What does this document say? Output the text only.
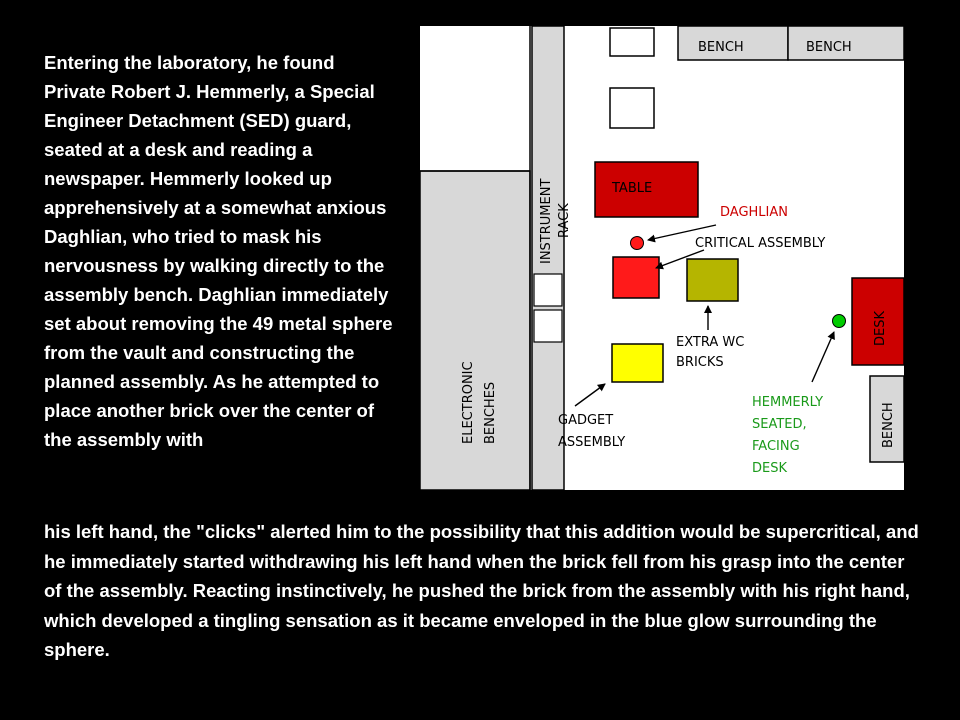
Entering the laboratory, he found Private Robert J. Hemmerly, a Special Engineer Detachment (SED) guard, seated at a desk and reading a newspaper. Hemmerly looked up apprehensively at a somewhat anxious Daghlian, who tried to mask his nervousness by walking directly to the assembly bench. Daghlian immediately set about removing the 49 metal sphere from the vault and constructing the planned assembly. As he attempted to place another brick over the center of the assembly with	ELECTRONIC BENCHES
INSTRUMENT RACK
BENCH	BENCH
TABLE
DAGHLIAN
CRITICAL ASSEMBLY
EXTRA WC BRICKS
GADGET ASSEMBLY
HEMMERLY SEATED, FACING DESK
DESK
BENCH
his left hand, the "clicks" alerted him to the possibility that this addition would be supercritical, and he immediately started withdrawing his left hand when the brick fell from his grasp into the center of the assembly. Reacting instinctively, he pushed the brick from the assembly with his right hand, which developed a tingling sensation as it became enveloped in the blue glow surrounding the sphere.
